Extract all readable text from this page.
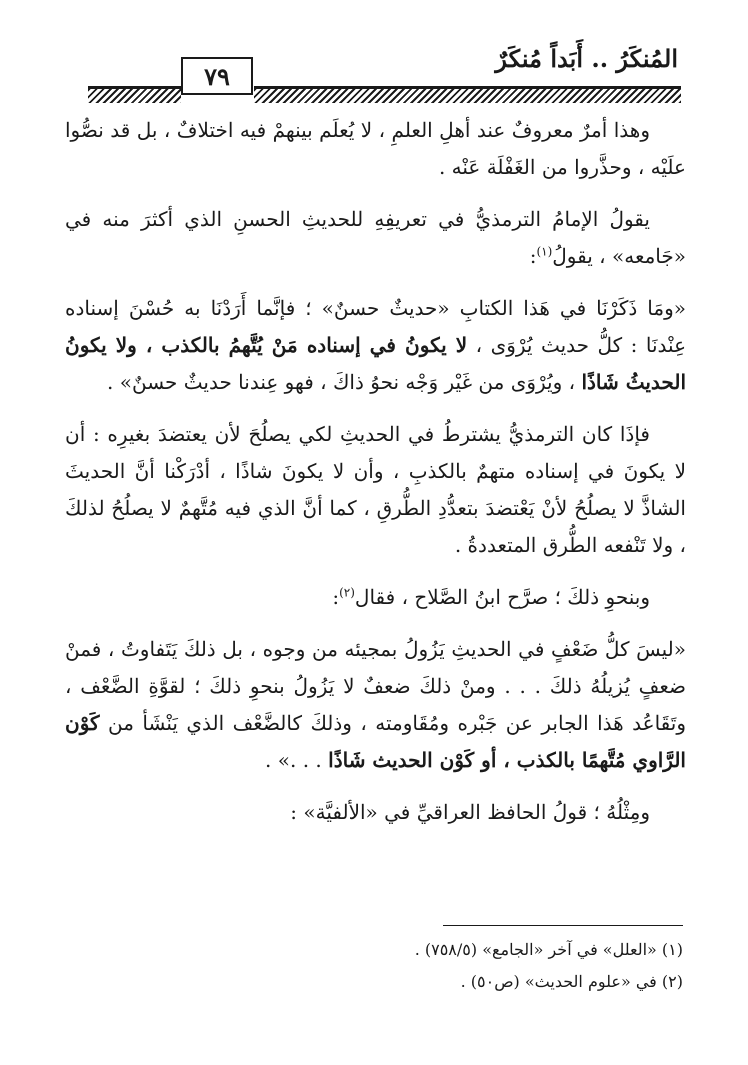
المُنكَرُ .. أَبَداً مُنكَرٌ
٧٩

وهذا أمرٌ معروفٌ عند أهلِ العلمِ ، لا يُعلَم بينهمْ فيه اختلافٌ ، بل قد نصُّوا علَيْه ، وحذَّروا من الغَفْلَة عَنْه .

يقولُ الإمامُ الترمذيُّ في تعريفِهِ للحديثِ الحسنِ الذي أكثرَ منه في «جَامعه» ، يقولُ$^{(١)}$:

«ومَا ذَكَرْنَا في هَذا الكتابِ «حديثٌ حسنٌ» ؛ فإنَّما أَرَدْنَا به حُسْنَ إسناده عِنْدنَا : كلُّ حديث يُرْوَى ، لا يكونُ في إسناده مَنْ يُتَّهمُ بالكذب ، ولا يكونُ الحديثُ شَاذًا ، ويُرْوَى من غَيْر وَجْه نحوُ ذاكَ ، فهو عِندنا حديثٌ حسنٌ» .

فإذَا كان الترمذيُّ يشترطُ في الحديثِ لكي يصلُحَ لأن يعتضدَ بغيرِه : أن لا يكونَ في إسناده متهمٌ بالكذبِ ، وأن لا يكونَ شاذًا ، أدْرَكْنا أنَّ الحديثَ الشاذَّ لا يصلُحُ لأنْ يَعْتضدَ بتعدُّدِ الطُّرقِ ، كما أنَّ الذي فيه مُتَّهمٌ لا يصلُحُ لذلكَ ، ولا تَنْفعه الطُّرق المتعددةُ .

وبنحوِ ذلكَ ؛ صرَّح ابنُ الصَّلاح ، فقال$^{(٢)}$:

«ليسَ كلُّ ضَعْفٍ في الحديثِ يَزُولُ بمجيئه من وجوه ، بل ذلكَ يَتَفاوتُ ، فمنْ ضعفٍ يُزيلُهُ ذلكَ . . . ومنْ ذلكَ ضعفٌ لا يَزُولُ بنحوِ ذلكَ ؛ لقوَّةِ الضَّعْف ، وتَقَاعُد هَذا الجابر عن جَبْره ومُقَاومته ، وذلكَ كالضَّعْف الذي يَنْشَأ من كَوْن الرَّاوي مُتَّهمًا بالكذب ، أو كَوْن الحديث شَاذًا . . .» .

ومِثْلُهُ ؛ قولُ الحافظ العراقيِّ في «الألفيَّة» :

(١) «العلل» في آخر «الجامع» (٧٥٨/٥) .

(٢) في «علوم الحديث» (ص٥٠) .
